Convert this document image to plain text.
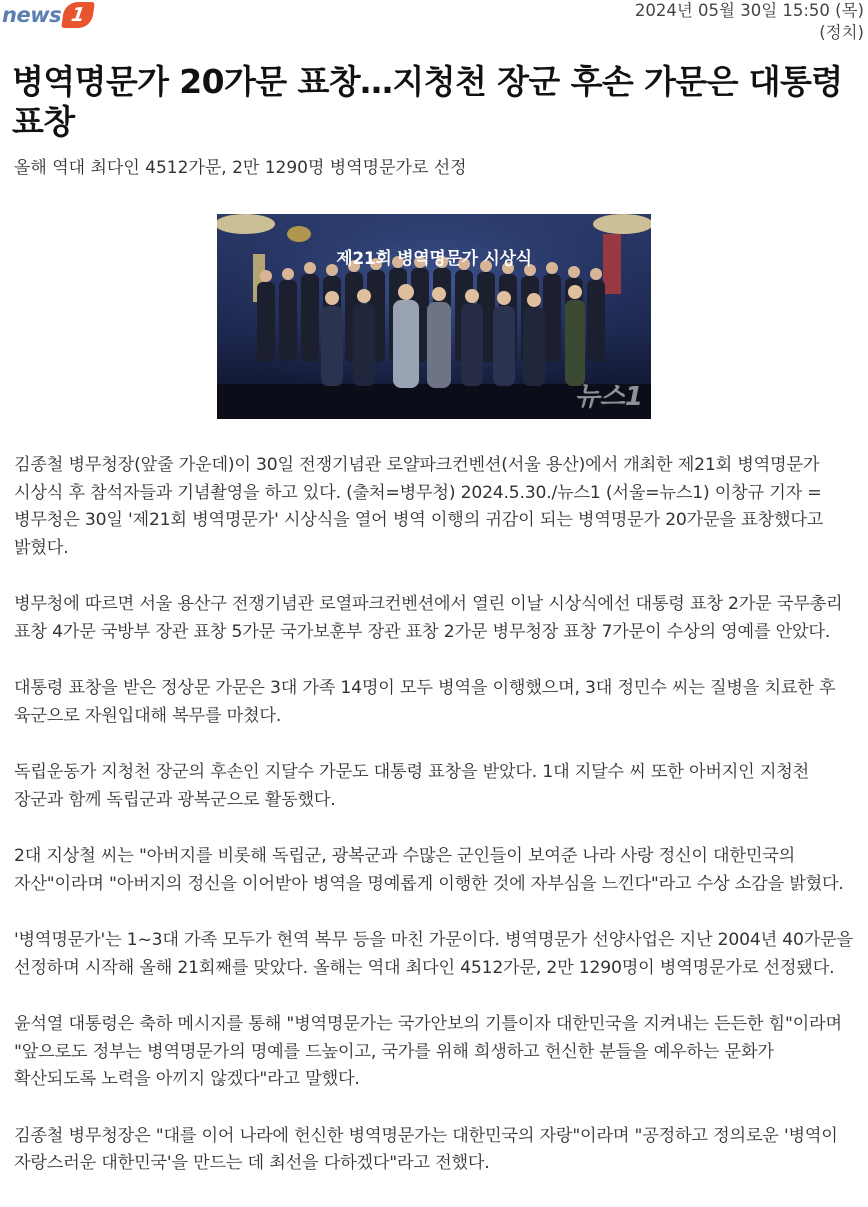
news 1	2024년 05월 30일 15:50 (목)
(정치)
병역명문가 20가문 표창…지청천 장군 후손 가문은 대통령 표창

올해 역대 최다인 4512가문, 2만 1290명 병역명문가로 선정

제21회 병역명문가 시상식
뉴스1

김종철 병무청장(앞줄 가운데)이 30일 전쟁기념관 로얄파크컨벤션(서울 용산)에서 개최한 제21회 병역명문가 시상식 후 참석자들과 기념촬영을 하고 있다. (출처=병무청) 2024.5.30./뉴스1 (서울=뉴스1) 이창규 기자 = 병무청은 30일 '제21회 병역명문가' 시상식을 열어 병역 이행의 귀감이 되는 병역명문가 20가문을 표창했다고 밝혔다.

병무청에 따르면 서울 용산구 전쟁기념관 로열파크컨벤션에서 열린 이날 시상식에선 대통령 표창 2가문 국무총리 표창 4가문 국방부 장관 표창 5가문 국가보훈부 장관 표창 2가문 병무청장 표창 7가문이 수상의 영예를 안았다.

대통령 표창을 받은 정상문 가문은 3대 가족 14명이 모두 병역을 이행했으며, 3대 정민수 씨는 질병을 치료한 후 육군으로 자원입대해 복무를 마쳤다.

독립운동가 지청천 장군의 후손인 지달수 가문도 대통령 표창을 받았다. 1대 지달수 씨 또한 아버지인 지청천 장군과 함께 독립군과 광복군으로 활동했다.

2대 지상철 씨는 "아버지를 비롯해 독립군, 광복군과 수많은 군인들이 보여준 나라 사랑 정신이 대한민국의 자산"이라며 "아버지의 정신을 이어받아 병역을 명예롭게 이행한 것에 자부심을 느낀다"라고 수상 소감을 밝혔다.

'병역명문가'는 1~3대 가족 모두가 현역 복무 등을 마친 가문이다. 병역명문가 선양사업은 지난 2004년 40가문을 선정하며 시작해 올해 21회째를 맞았다. 올해는 역대 최다인 4512가문, 2만 1290명이 병역명문가로 선정됐다.

윤석열 대통령은 축하 메시지를 통해 "병역명문가는 국가안보의 기틀이자 대한민국을 지켜내는 든든한 힘"이라며 "앞으로도 정부는 병역명문가의 명예를 드높이고, 국가를 위해 희생하고 헌신한 분들을 예우하는 문화가 확산되도록 노력을 아끼지 않겠다"라고 말했다.

김종철 병무청장은 "대를 이어 나라에 헌신한 병역명문가는 대한민국의 자랑"이라며 "공정하고 정의로운 '병역이 자랑스러운 대한민국'을 만드는 데 최선을 다하겠다"라고 전했다.
